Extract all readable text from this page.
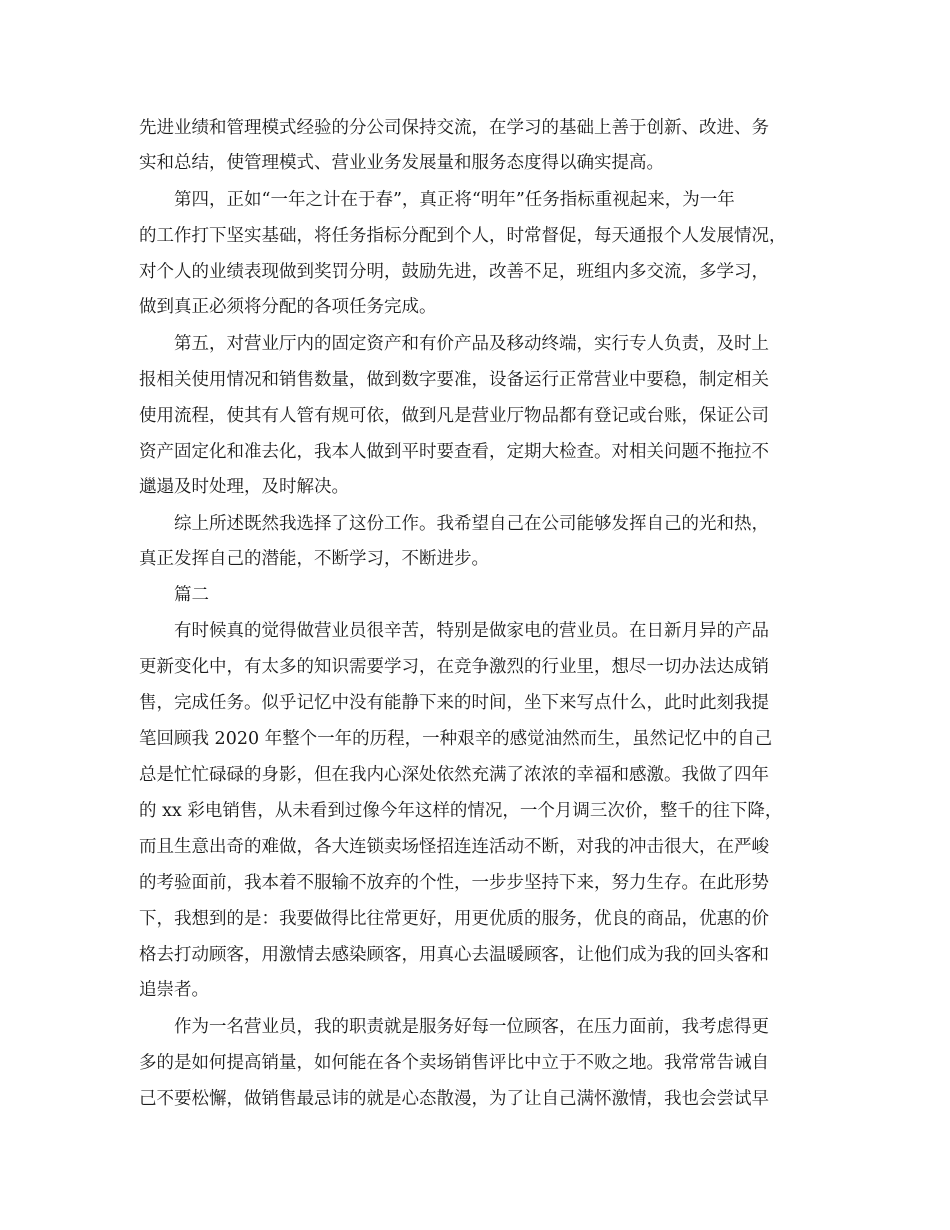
先进业绩和管理模式经验的分公司保持交流，在学习的基础上善于创新、改进、务

实和总结，使管理模式、营业业务发展量和服务态度得以确实提高。

第四，正如“一年之计在于春”，真正将“明年”任务指标重视起来，为一年

的工作打下坚实基础，将任务指标分配到个人，时常督促，每天通报个人发展情况，

对个人的业绩表现做到奖罚分明，鼓励先进，改善不足，班组内多交流，多学习，

做到真正必须将分配的各项任务完成。

第五，对营业厅内的固定资产和有价产品及移动终端，实行专人负责，及时上

报相关使用情况和销售数量，做到数字要准，设备运行正常营业中要稳，制定相关

使用流程，使其有人管有规可依，做到凡是营业厅物品都有登记或台账，保证公司

资产固定化和准去化，我本人做到平时要查看，定期大检查。对相关问题不拖拉不

邋遢及时处理，及时解决。

综上所述既然我选择了这份工作。我希望自己在公司能够发挥自己的光和热，

真正发挥自己的潜能，不断学习，不断进步。

篇二

有时候真的觉得做营业员很辛苦，特别是做家电的营业员。在日新月异的产品

更新变化中，有太多的知识需要学习，在竞争激烈的行业里，想尽一切办法达成销

售，完成任务。似乎记忆中没有能静下来的时间，坐下来写点什么，此时此刻我提

笔回顾我 2020 年整个一年的历程，一种艰辛的感觉油然而生，虽然记忆中的自己

总是忙忙碌碌的身影，但在我内心深处依然充满了浓浓的幸福和感激。我做了四年

的 xx 彩电销售，从未看到过像今年这样的情况，一个月调三次价，整千的往下降，

而且生意出奇的难做，各大连锁卖场怪招连连活动不断，对我的冲击很大，在严峻

的考验面前，我本着不服输不放弃的个性，一步步坚持下来，努力生存。在此形势

下，我想到的是：我要做得比往常更好，用更优质的服务，优良的商品，优惠的价

格去打动顾客，用激情去感染顾客，用真心去温暖顾客，让他们成为我的回头客和

追崇者。

作为一名营业员，我的职责就是服务好每一位顾客，在压力面前，我考虑得更

多的是如何提高销量，如何能在各个卖场销售评比中立于不败之地。我常常告诫自

己不要松懈，做销售最忌讳的就是心态散漫，为了让自己满怀激情，我也会尝试早
